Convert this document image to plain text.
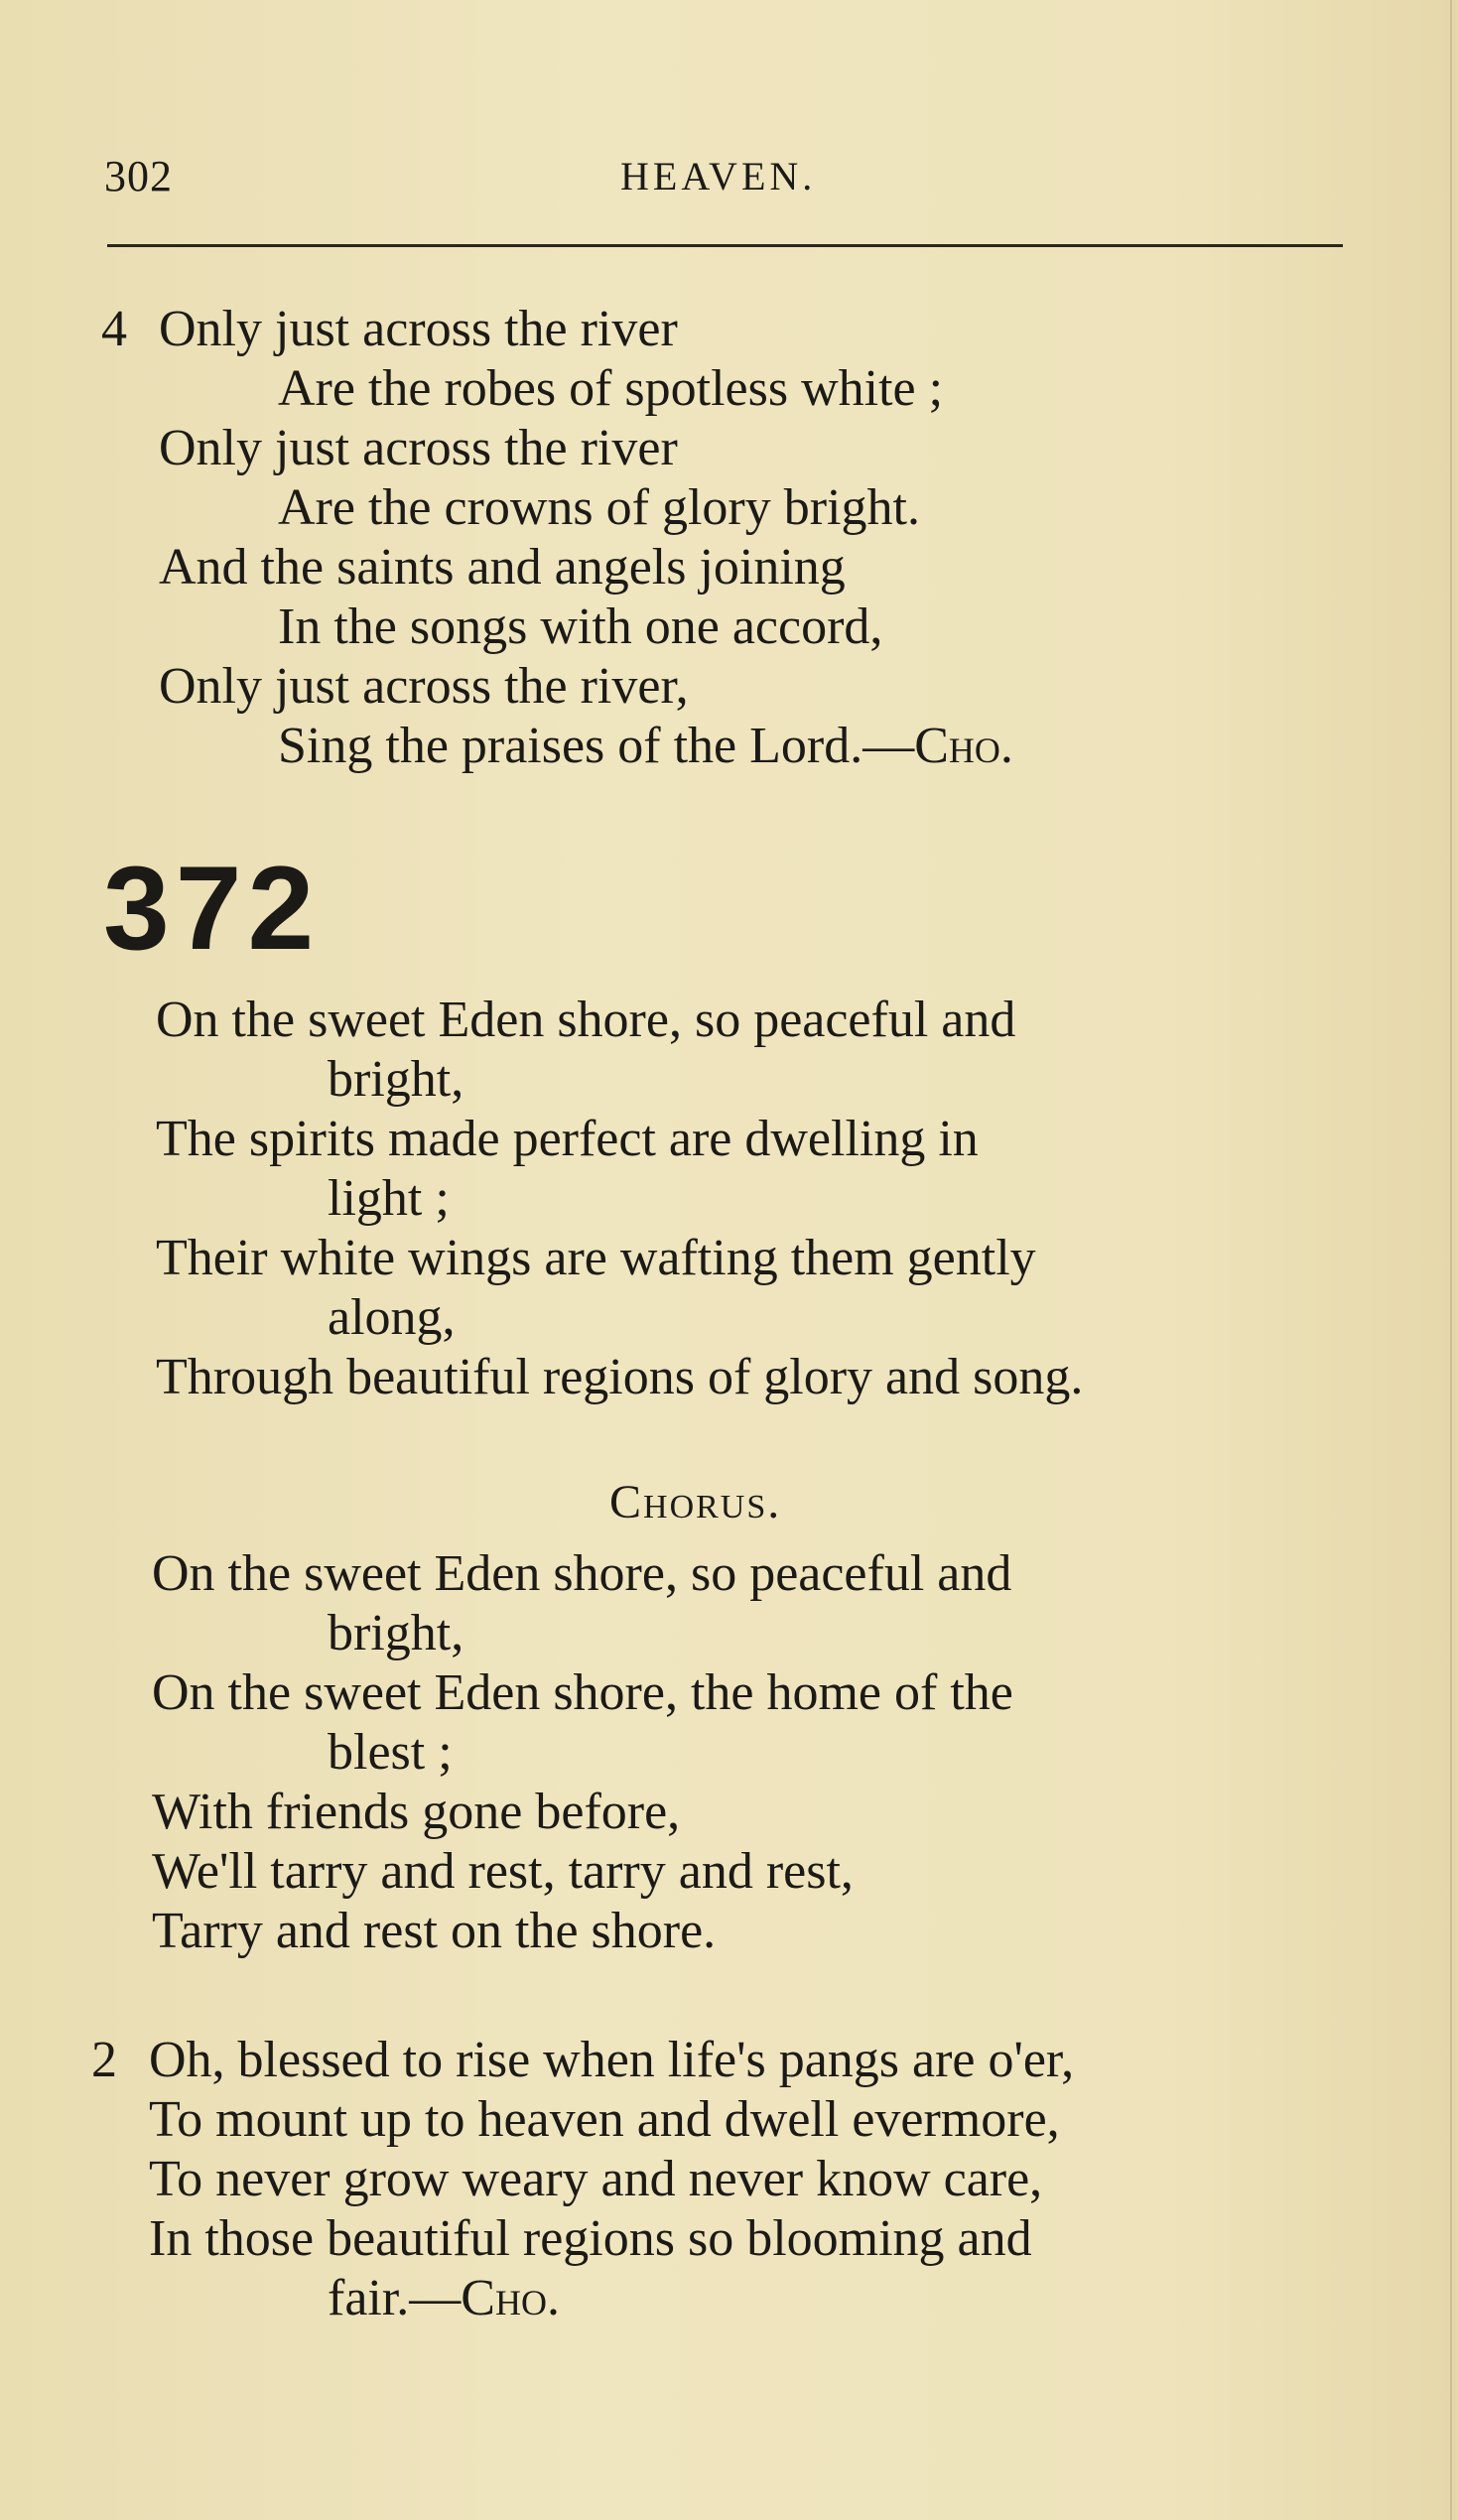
302	HEAVEN.
4 Only just across the river
Are the robes of spotless white ;
Only just across the river
Are the crowns of glory bright.
And the saints and angels joining
In the songs with one accord,
Only just across the river,
Sing the praises of the Lord.—Cho.
372
On the sweet Eden shore, so peaceful and
bright,
The spirits made perfect are dwelling in
light ;
Their white wings are wafting them gently
along,
Through beautiful regions of glory and song.
Chorus.
On the sweet Eden shore, so peaceful and
bright,
On the sweet Eden shore, the home of the
blest ;
With friends gone before,
We'll tarry and rest, tarry and rest,
Tarry and rest on the shore.
2 Oh, blessed to rise when life's pangs are o'er,
To mount up to heaven and dwell evermore,
To never grow weary and never know care,
In those beautiful regions so blooming and
fair.—Cho.
